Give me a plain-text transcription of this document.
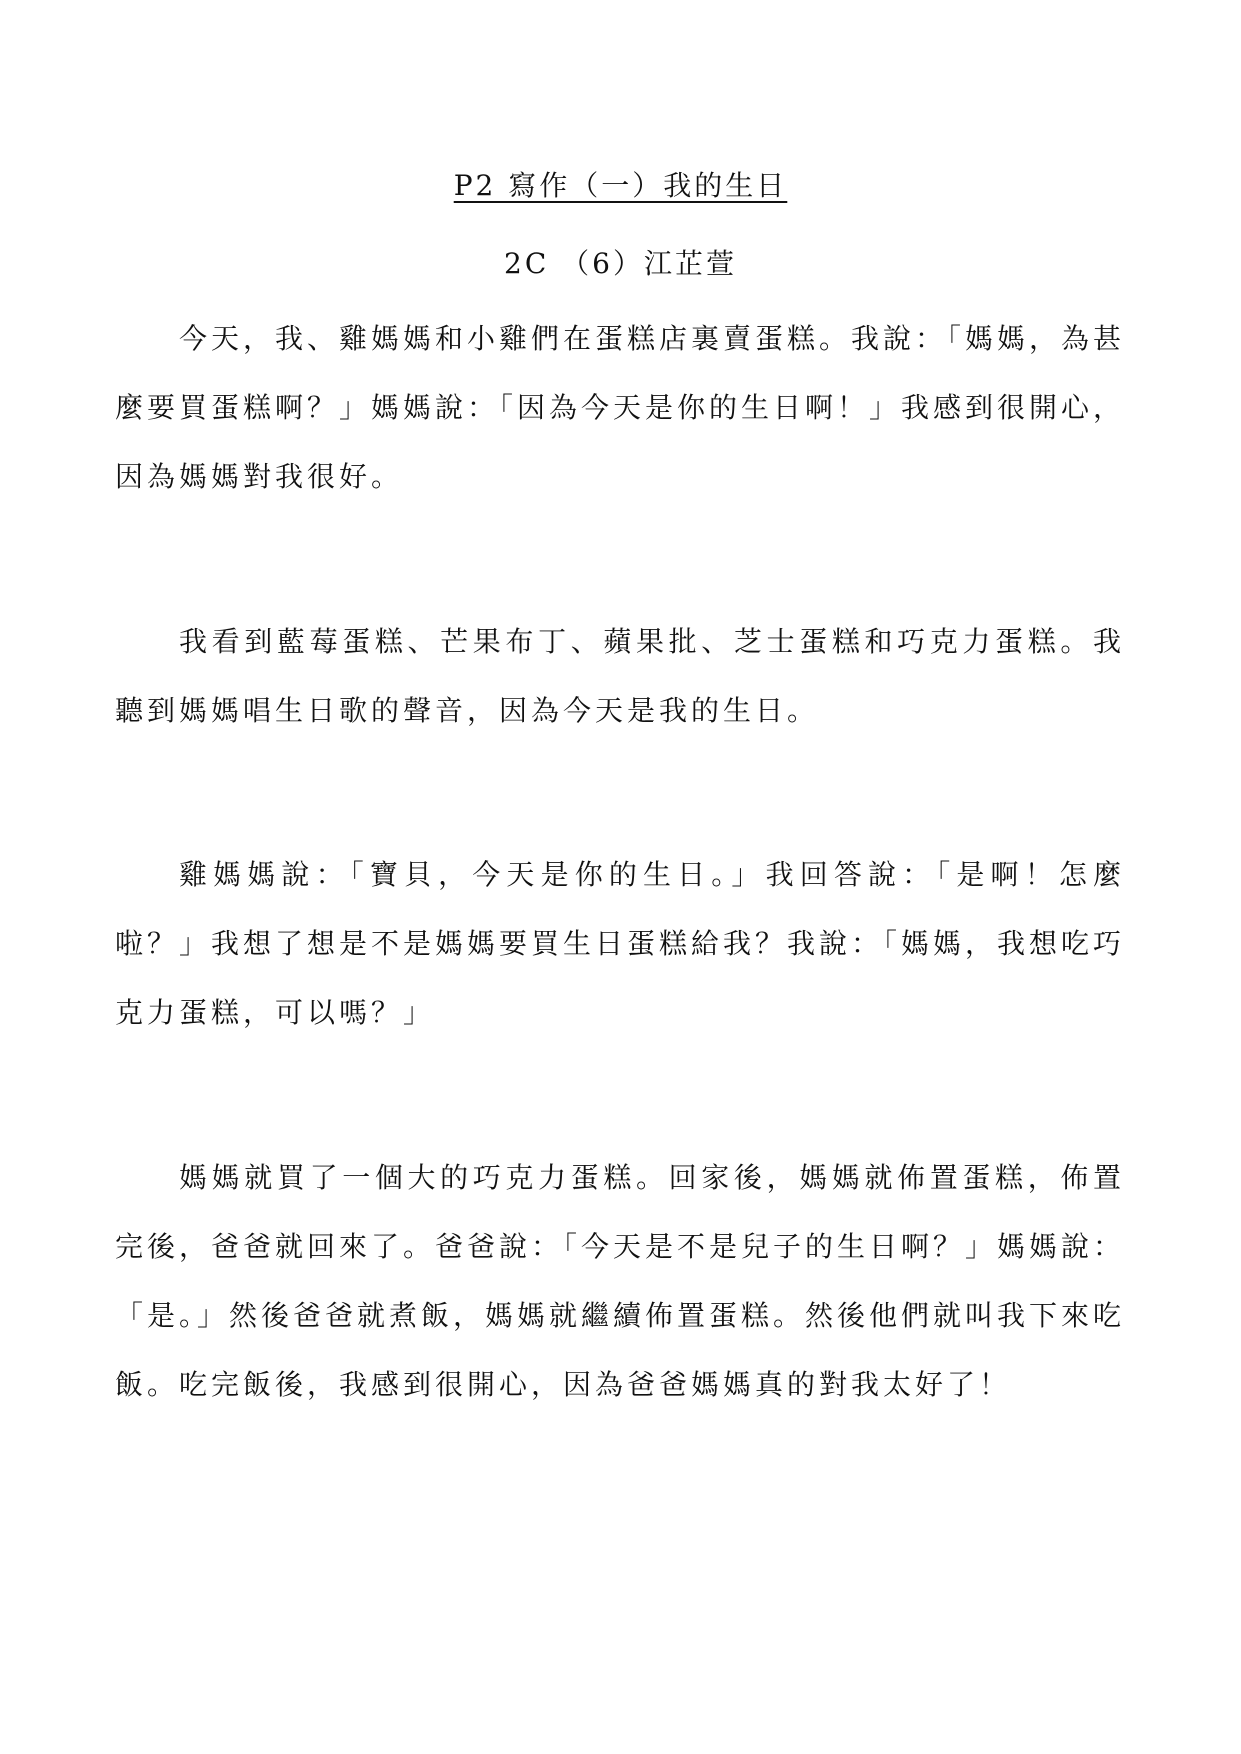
P2 寫作（一）我的生日
2C （6）江芷萱

今天，我、雞媽媽和小雞們在蛋糕店裏賣蛋糕。我說：「媽媽，為甚麼要買蛋糕啊？」媽媽說：「因為今天是你的生日啊！」我感到很開心，因為媽媽對我很好。

我看到藍莓蛋糕、芒果布丁、蘋果批、芝士蛋糕和巧克力蛋糕。我聽到媽媽唱生日歌的聲音，因為今天是我的生日。

雞媽媽說：「寶貝，今天是你的生日。」我回答說：「是啊！怎麼啦？」我想了想是不是媽媽要買生日蛋糕給我？我說：「媽媽，我想吃巧克力蛋糕，可以嗎？」

媽媽就買了一個大的巧克力蛋糕。回家後，媽媽就佈置蛋糕，佈置完後，爸爸就回來了。爸爸說：「今天是不是兒子的生日啊？」媽媽說：「是。」然後爸爸就煮飯，媽媽就繼續佈置蛋糕。然後他們就叫我下來吃飯。吃完飯後，我感到很開心，因為爸爸媽媽真的對我太好了！
